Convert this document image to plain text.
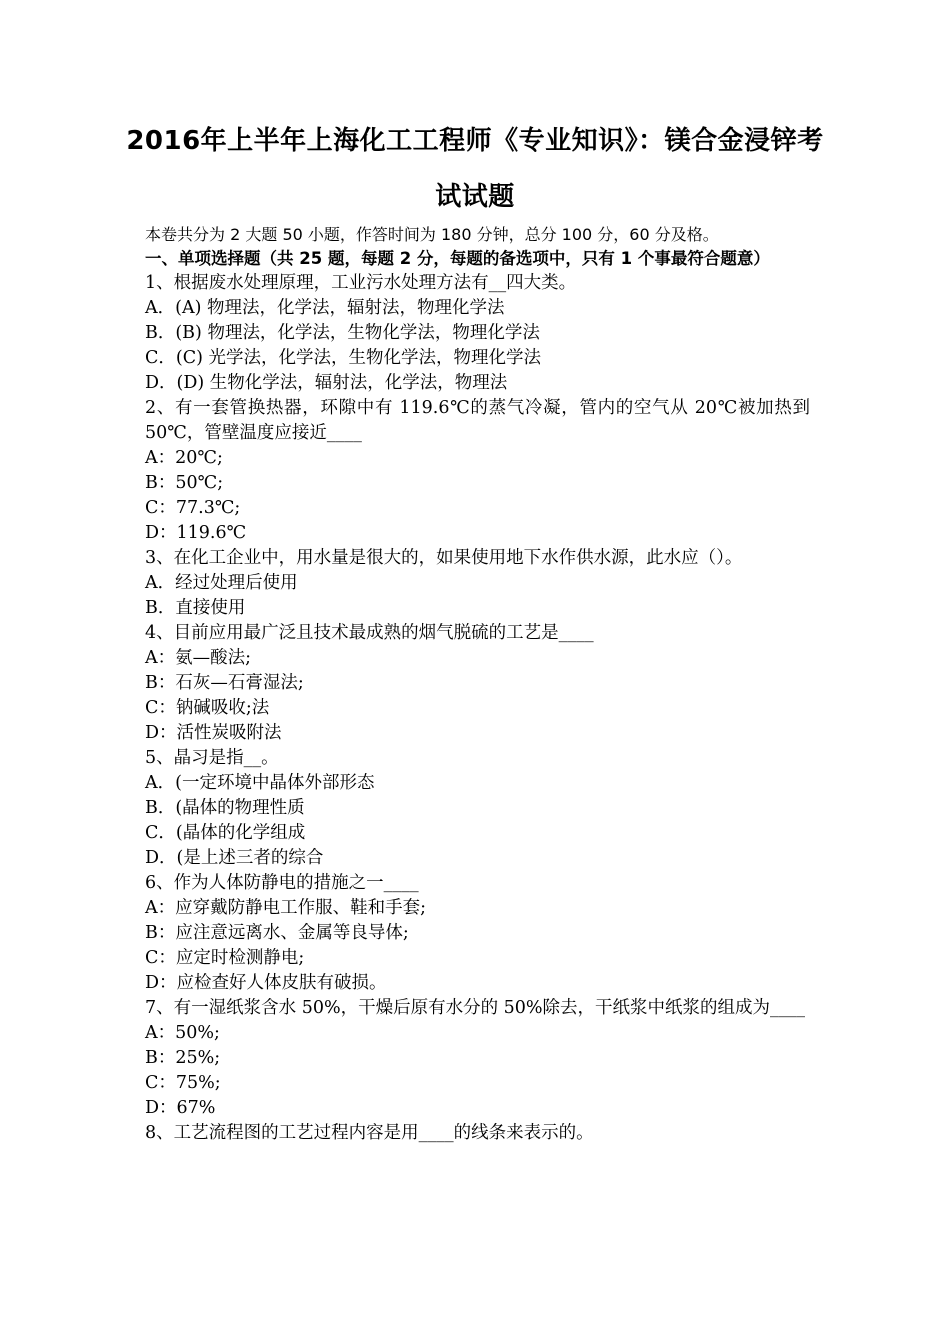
2016年上半年上海化工工程师《专业知识》：镁合金浸锌考
试试题
本卷共分为 2 大题 50 小题，作答时间为 180 分钟，总分 100 分，60 分及格。
一、单项选择题（共 25 题，每题 2 分，每题的备选项中，只有 1 个事最符合题意）
1、根据废水处理原理，工业污水处理方法有__四大类。
A．(A) 物理法，化学法，辐射法，物理化学法
B．(B) 物理法，化学法，生物化学法，物理化学法
C．(C) 光学法，化学法，生物化学法，物理化学法
D．(D) 生物化学法，辐射法，化学法，物理法
2、有一套管换热器，环隙中有 119.6℃的蒸气冷凝，管内的空气从 20℃被加热到 50℃，管壁温度应接近____
A：20℃;
B：50℃;
C：77.3℃;
D：119.6℃
3、在化工企业中，用水量是很大的，如果使用地下水作供水源，此水应（）。
A．经过处理后使用
B．直接使用
4、目前应用最广泛且技术最成熟的烟气脱硫的工艺是____
A：氨—酸法;
B：石灰—石膏湿法;
C：钠碱吸收;法
D：活性炭吸附法
5、晶习是指__。
A．(一定环境中晶体外部形态
B．(晶体的物理性质
C．(晶体的化学组成
D．(是上述三者的综合
6、作为人体防静电的措施之一____
A：应穿戴防静电工作服、鞋和手套;
B：应注意远离水、金属等良导体;
C：应定时检测静电;
D：应检查好人体皮肤有破损。
7、有一湿纸浆含水 50%，干燥后原有水分的 50%除去，干纸浆中纸浆的组成为____
A：50%;
B：25%;
C：75%;
D：67%
8、工艺流程图的工艺过程内容是用____的线条来表示的。
